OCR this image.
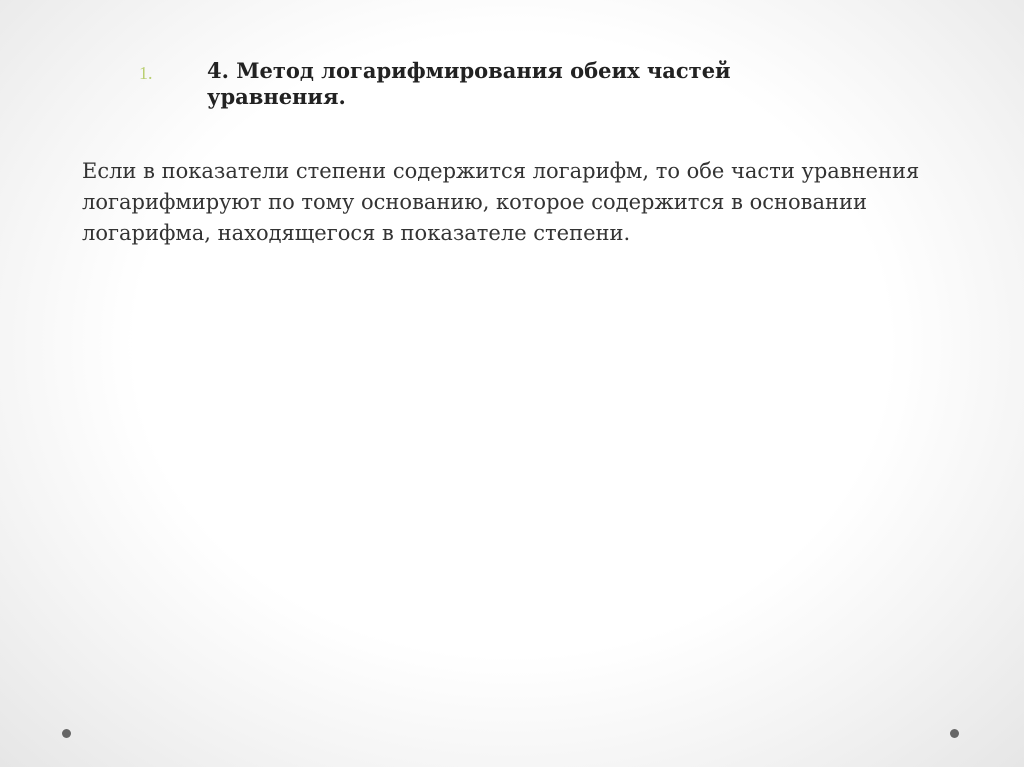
1.	4. Метод логарифмирования обеих частей уравнения.
Если в показатели степени содержится логарифм, то обе части уравнения логарифмируют по тому основанию, которое содержится в основании логарифма, находящегося в показателе степени.
